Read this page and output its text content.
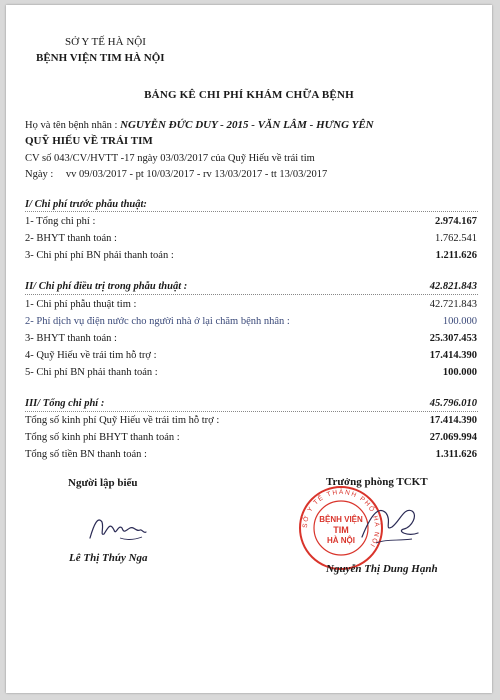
SỞ Y TẾ HÀ NỘI
BỆNH VIỆN TIM HÀ NỘI
BẢNG KÊ CHI PHÍ KHÁM CHỮA BỆNH
Họ và tên bệnh nhân : NGUYỄN ĐỨC DUY - 2015 - VĂN LÂM - HƯNG YÊN
QUỸ HIẾU VỀ TRÁI TIM
CV số 043/CV/HVTT -17 ngày 03/03/2017 của Quỹ Hiếu về trái tim
Ngày : vv 09/03/2017 - pt 10/03/2017 - rv 13/03/2017 - tt 13/03/2017
I/ Chi phí trước phẫu thuật:
1- Tổng chi phí :	2.974.167
2- BHYT thanh toán :	1.762.541
3- Chi phí phí BN phải thanh toán :	1.211.626
II/ Chi phí điều trị trong phẫu thuật :	42.821.843
1- Chi phí phẫu thuật tim :	42.721.843
2- Phí dịch vụ điện nước cho người nhà ở lại chăm bệnh nhân :	100.000
3- BHYT thanh toán :	25.307.453
4- Quỹ Hiếu về trái tim hỗ trợ :	17.414.390
5- Chi phí BN phải thanh toán :	100.000
III/ Tổng chi phí :	45.796.010
Tổng số kinh phí Quỹ Hiếu về trái tim hỗ trợ :	17.414.390
Tổng số kinh phí BHYT thanh toán :	27.069.994
Tổng số tiền BN thanh toán :	1.311.626
Người lập biểu	Trưởng phòng TCKT
Lê Thị Thúy Nga
SỞ Y TẾ THÀNH PHỐ HÀ NỘI
BỆNH VIỆN
TIM
HÀ NỘI
Nguyễn Thị Dung Hạnh
